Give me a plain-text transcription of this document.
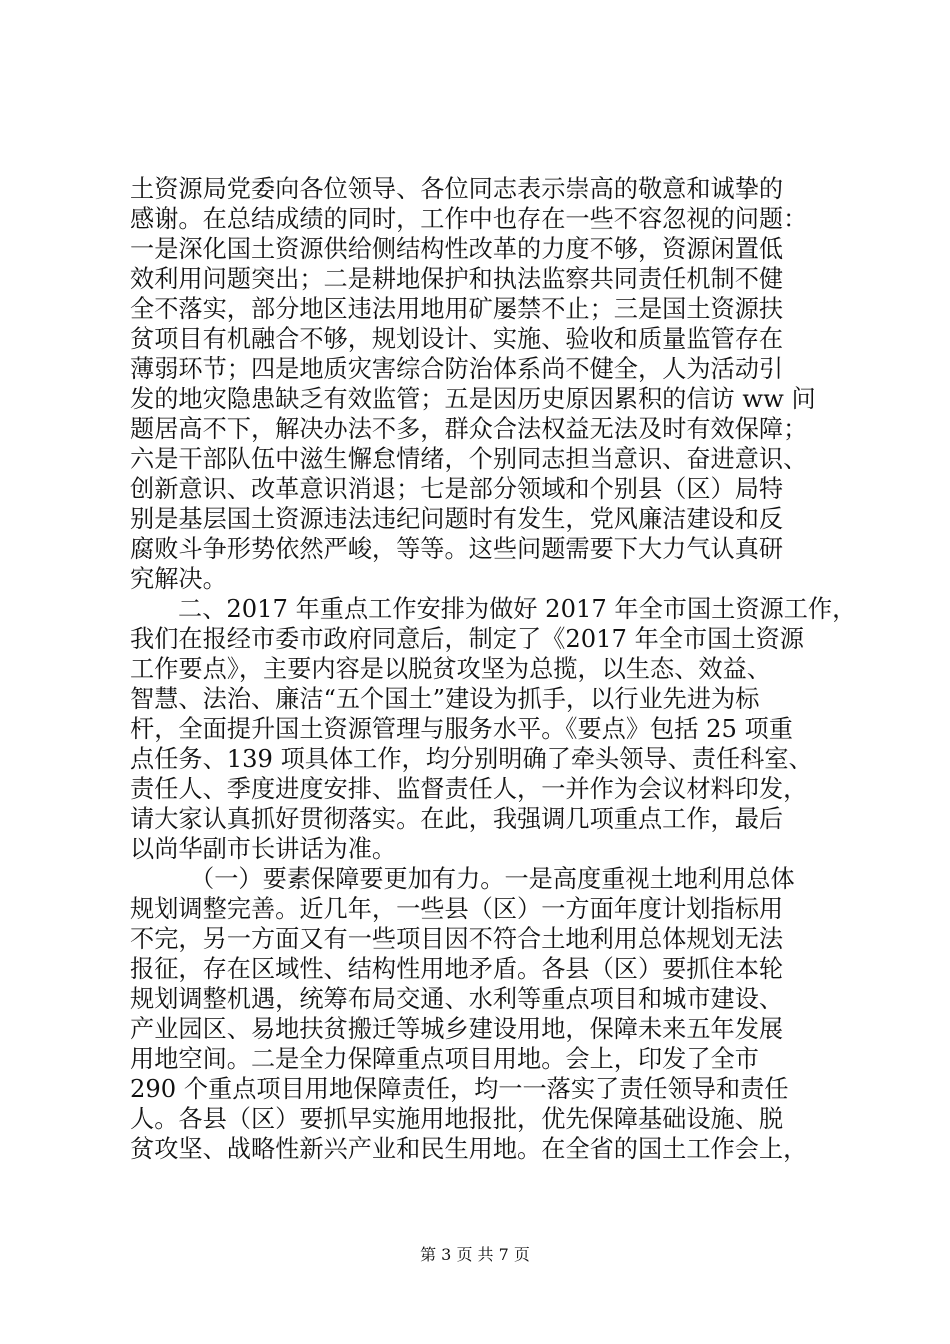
土资源局党委向各位领导、各位同志表示崇高的敬意和诚挚的
感谢。在总结成绩的同时，工作中也存在一些不容忽视的问题：
一是深化国土资源供给侧结构性改革的力度不够，资源闲置低
效利用问题突出；二是耕地保护和执法监察共同责任机制不健
全不落实，部分地区违法用地用矿屡禁不止；三是国土资源扶
贫项目有机融合不够，规划设计、实施、验收和质量监管存在
薄弱环节；四是地质灾害综合防治体系尚不健全，人为活动引
发的地灾隐患缺乏有效监管；五是因历史原因累积的信访 ww 问
题居高不下，解决办法不多，群众合法权益无法及时有效保障；
六是干部队伍中滋生懈怠情绪，个别同志担当意识、奋进意识、
创新意识、改革意识消退；七是部分领域和个别县（区）局特
别是基层国土资源违法违纪问题时有发生，党风廉洁建设和反
腐败斗争形势依然严峻，等等。这些问题需要下大力气认真研
究解决。
二、2017 年重点工作安排为做好 2017 年全市国土资源工作，
我们在报经市委市政府同意后，制定了《2017 年全市国土资源
工作要点》，主要内容是以脱贫攻坚为总揽，以生态、效益、
智慧、法治、廉洁“五个国土”建设为抓手，以行业先进为标
杆，全面提升国土资源管理与服务水平。《要点》包括 25 项重
点任务、139 项具体工作，均分别明确了牵头领导、责任科室、
责任人、季度进度安排、监督责任人，一并作为会议材料印发，
请大家认真抓好贯彻落实。在此，我强调几项重点工作，最后
以尚华副市长讲话为准。
（一）要素保障要更加有力。一是高度重视土地利用总体
规划调整完善。近几年，一些县（区）一方面年度计划指标用
不完，另一方面又有一些项目因不符合土地利用总体规划无法
报征，存在区域性、结构性用地矛盾。各县（区）要抓住本轮
规划调整机遇，统筹布局交通、水利等重点项目和城市建设、
产业园区、易地扶贫搬迁等城乡建设用地，保障未来五年发展
用地空间。二是全力保障重点项目用地。会上，印发了全市
290 个重点项目用地保障责任，均一一落实了责任领导和责任
人。各县（区）要抓早实施用地报批，优先保障基础设施、脱
贫攻坚、战略性新兴产业和民生用地。在全省的国土工作会上，
第 3 页 共 7 页
